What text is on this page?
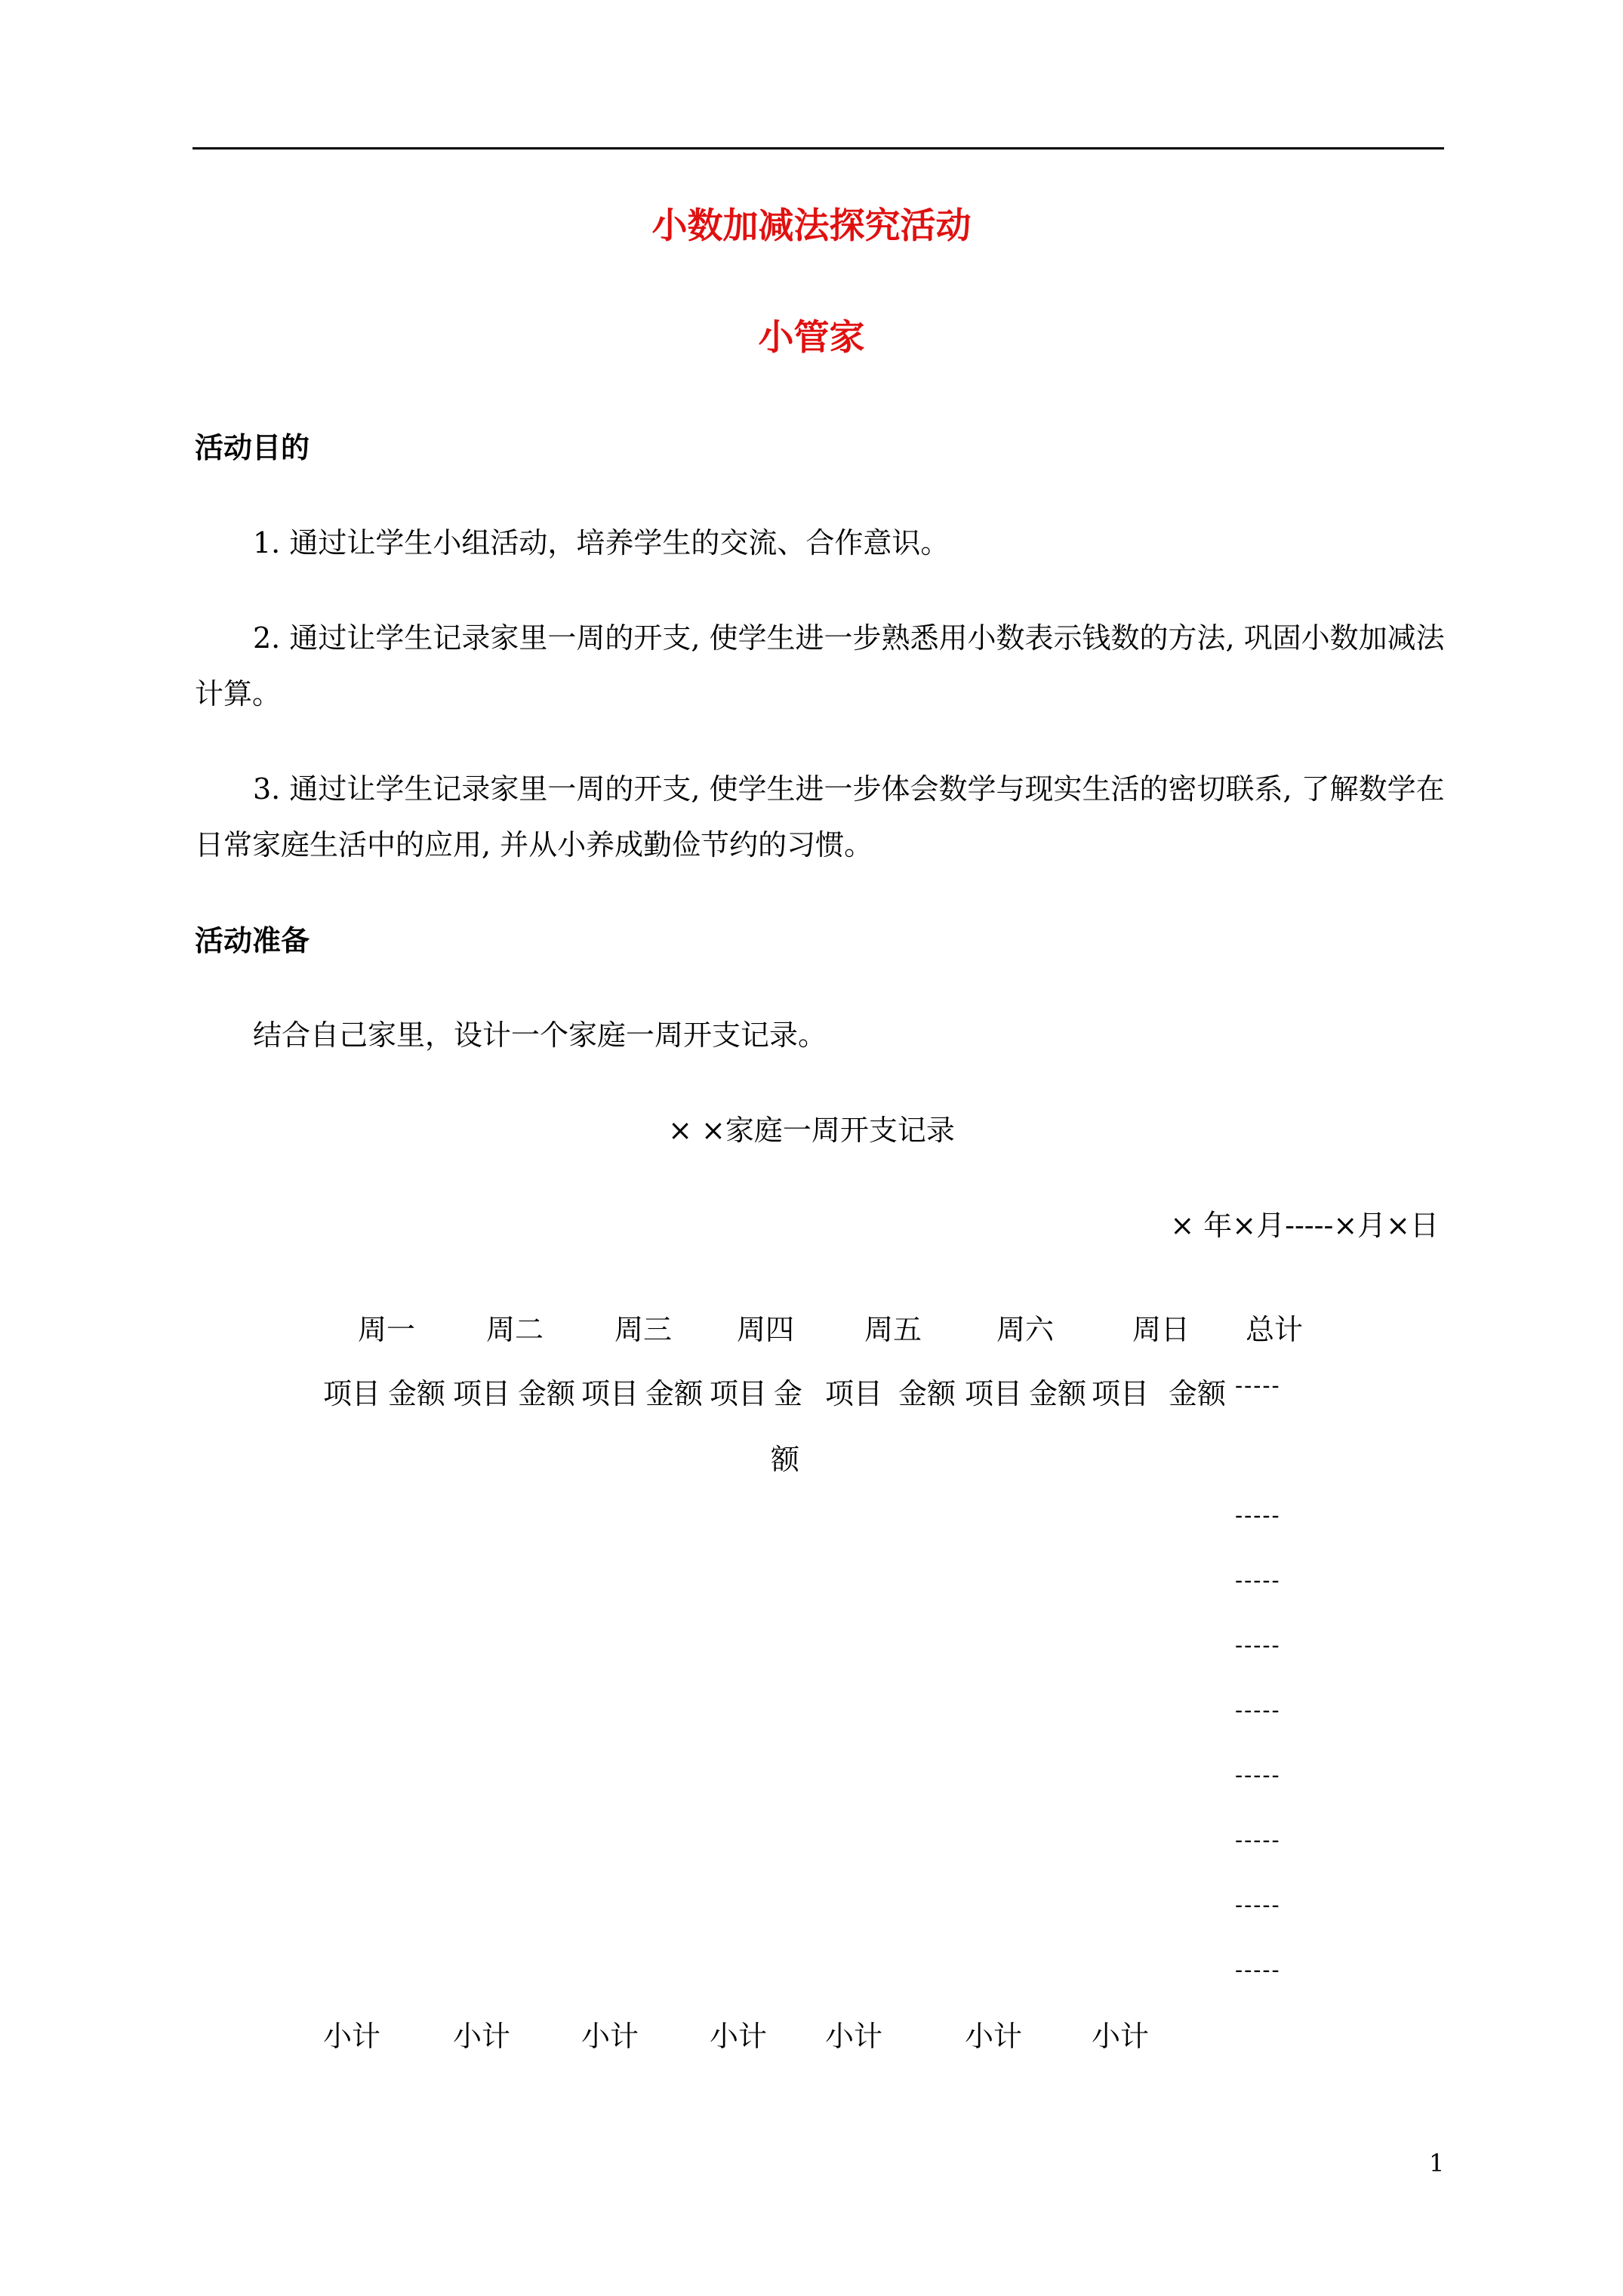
小数加减法探究活动
小管家
活动目的
1. 通过让学生小组活动，培养学生的交流、合作意识。
2. 通过让学生记录家里一周的开支, 使学生进一步熟悉用小数表示钱数的方法, 巩固小数加减法
计算。
3. 通过让学生记录家里一周的开支, 使学生进一步体会数学与现实生活的密切联系, 了解数学在
日常家庭生活中的应用, 并从小养成勤俭节约的习惯。
活动准备
结合自己家里，设计一个家庭一周开支记录。
× ×家庭一周开支记录
× 年×月-----×月×日
周一 周二 周三 周四 周五	周六	周日 总计
项目 金额 项目 金额 项目 金额 项目 金 项目 金额 项目 金额 项目 金额 -----
额
-----
-----
-----
-----
-----
-----
-----
-----
小计	小计 小计 小计 小计	小计 小计
1
